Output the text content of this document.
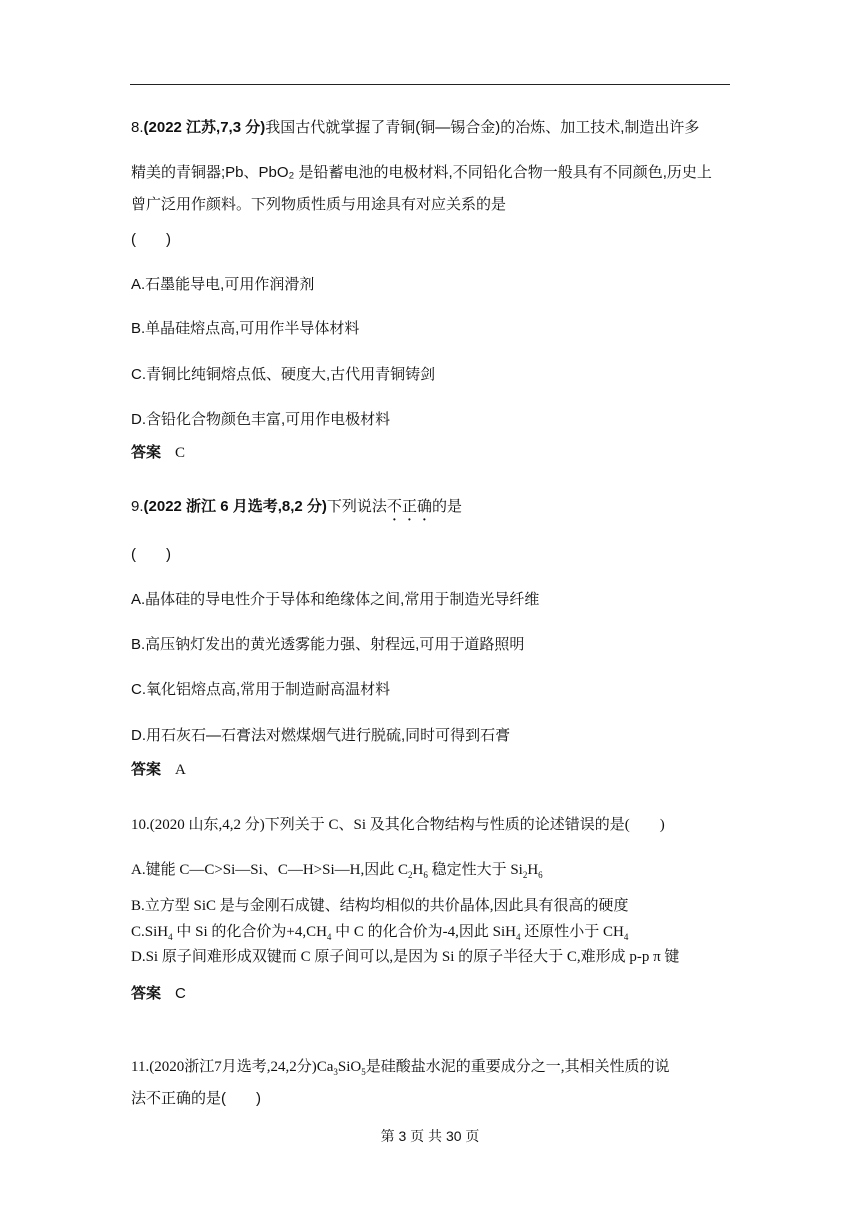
8.(2022 江苏,7,3 分)我国古代就掌握了青铜(铜—锡合金)的冶炼、加工技术,制造出许多
精美的青铜器;Pb、PbO₂ 是铅蓄电池的电极材料,不同铅化合物一般具有不同颜色,历史上
曾广泛用作颜料。下列物质性质与用途具有对应关系的是
(　　)
A.石墨能导电,可用作润滑剂
B.单晶硅熔点高,可用作半导体材料
C.青铜比纯铜熔点低、硬度大,古代用青铜铸剑
D.含铅化合物颜色丰富,可用作电极材料
答案 C
9.(2022 浙江 6 月选考,8,2 分)下列说法不正确的是
(　　)
A.晶体硅的导电性介于导体和绝缘体之间,常用于制造光导纤维
B.高压钠灯发出的黄光透雾能力强、射程远,可用于道路照明
C.氧化铝熔点高,常用于制造耐高温材料
D.用石灰石—石膏法对燃煤烟气进行脱硫,同时可得到石膏
答案 A
10.(2020 山东,4,2 分)下列关于 C、Si 及其化合物结构与性质的论述错误的是(　　)
A.键能 C—C>Si—Si、C—H>Si—H,因此 $C_2H_6$ 稳定性大于 $Si_2H_6$
B.立方型 SiC 是与金刚石成键、结构均相似的共价晶体,因此具有很高的硬度
C.SiH$_4$ 中 Si 的化合价为$+4,CH_4$ 中 C 的化合价为-4,因此 SiH$_4$ 还原性小于 $CH_4$
D.Si 原子间难形成双键而 C 原子间可以,是因为 Si 的原子半径大于 C,难形成 p-p π 键
答案 C
11.(2020浙江7月选考,24,2分)$Ca_3SiO_5$是硅酸盐水泥的重要成分之一,其相关性质的说
法不正确的是(　　)
第 3 页 共 30 页
